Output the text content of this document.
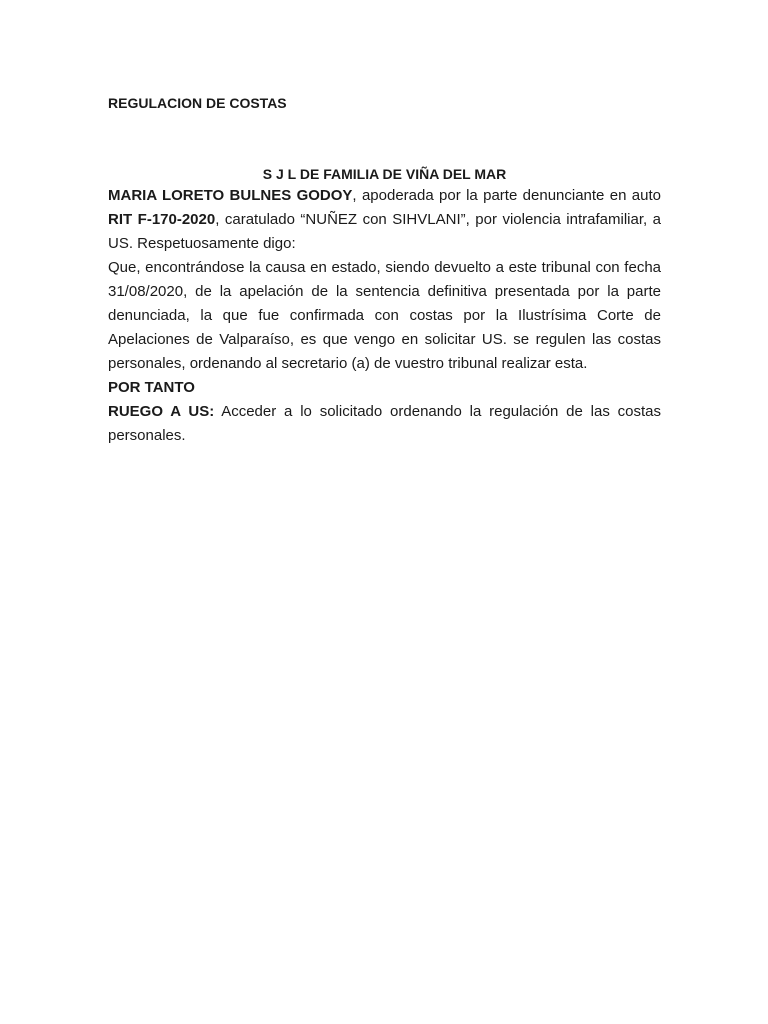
REGULACION DE COSTAS
S J L DE FAMILIA DE VIÑA DEL MAR

MARIA LORETO BULNES GODOY, apoderada por la parte denunciante en auto RIT F-170-2020, caratulado “NUÑEZ con SIHVLANI”, por violencia intrafamiliar, a US. Respetuosamente digo:

Que, encontrándose la causa en estado, siendo devuelto a este tribunal con fecha 31/08/2020, de la apelación de la sentencia definitiva presentada por la parte denunciada, la que fue confirmada con costas por la Ilustrísima Corte de Apelaciones de Valparaíso, es que vengo en solicitar US. se regulen las costas personales, ordenando al secretario (a) de vuestro tribunal realizar esta.

POR TANTO

RUEGO A US: Acceder a lo solicitado ordenando la regulación de las costas personales.
